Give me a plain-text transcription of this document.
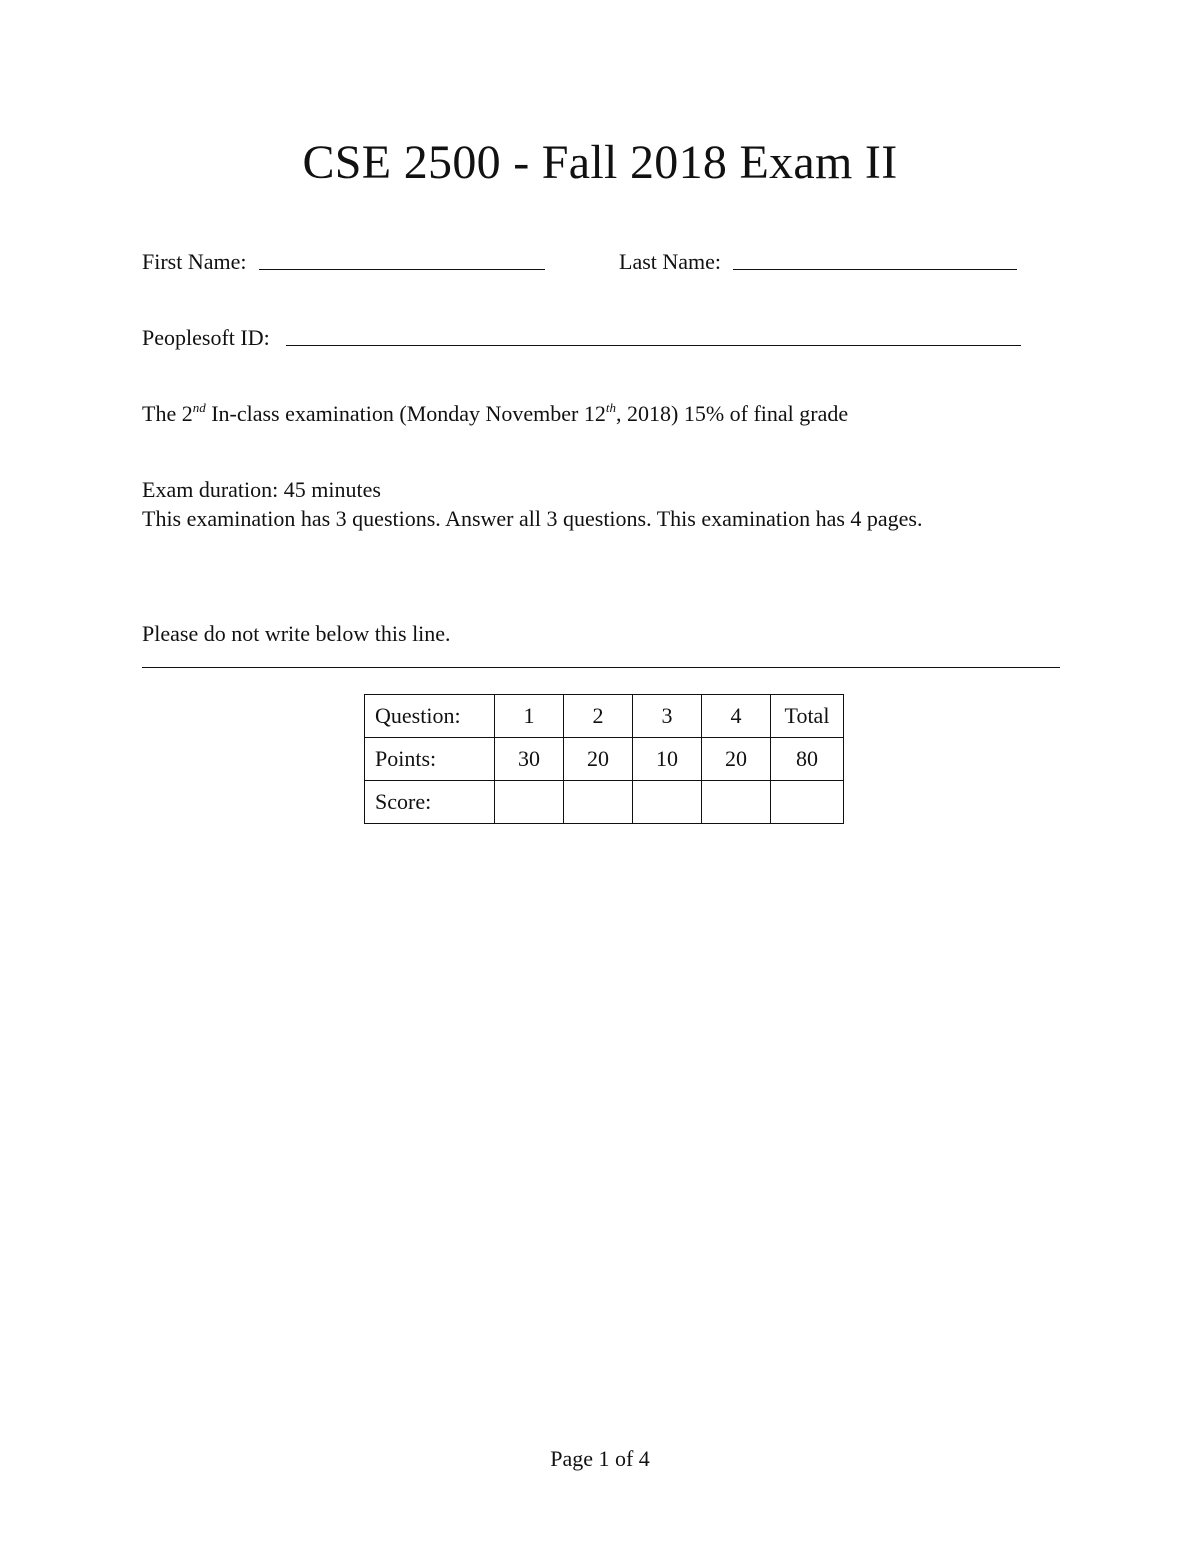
CSE 2500 - Fall 2018 Exam II
First Name:	Last Name:
Peoplesoft ID:
The 2nd In-class examination (Monday November 12th, 2018) 15% of final grade
Exam duration: 45 minutes
This examination has 3 questions. Answer all 3 questions. This examination has 4 pages.
Please do not write below this line.
Question:	1	2	3	4	Total
Points:	30	20	10	20	80
Score:					
Page 1 of 4
